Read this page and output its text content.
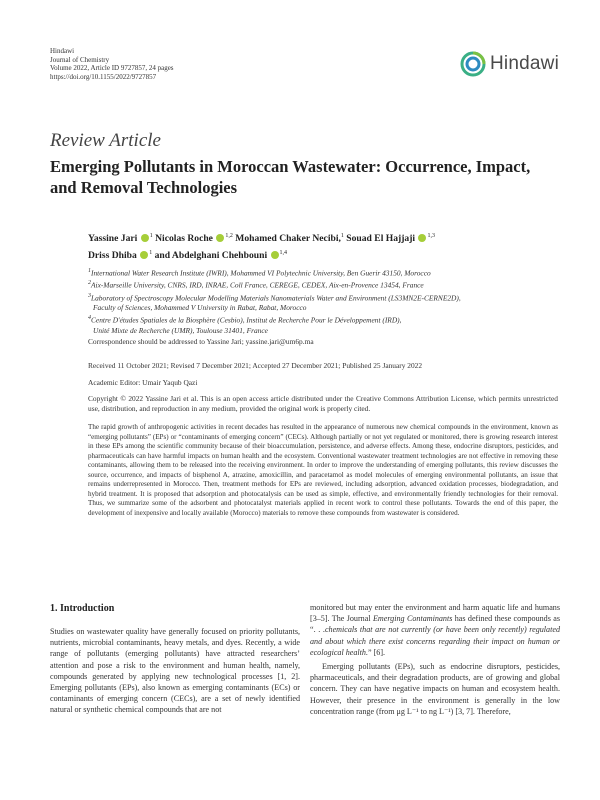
Hindawi
Journal of Chemistry
Volume 2022, Article ID 9727857, 24 pages
https://doi.org/10.1155/2022/9727857
Hindawi
Review Article
Emerging Pollutants in Moroccan Wastewater: Occurrence, Impact, and Removal Technologies
Yassine Jari $^1$ Nicolas Roche $^{1,2}$ Mohamed Chaker Necibi,$^1$ Souad El Hajjaji $^{1,3}$
Driss Dhiba $^1$ and Abdelghani Chehbouni $^{1,4}$

$^1$International Water Research Institute (IWRI), Mohammed VI Polytechnic University, Ben Guerir 43150, Morocco

$^2$Aix-Marseille University, CNRS, IRD, INRAE, Coll France, CEREGE, CEDEX, Aix-en-Provence 13454, France

$^3$Laboratory of Spectroscopy Molecular Modelling Materials Nanomaterials Water and Environment (LS3MN2E-CERNE2D),

Faculty of Sciences, Mohammed V University in Rabat, Rabat, Morocco

$^4$Centre D'études Spatiales de la Biosphère (Cesbio), Institut de Recherche Pour le Développement (IRD),

Unité Mixte de Recherche (UMR), Toulouse 31401, France

Correspondence should be addressed to Yassine Jari; yassine.jari@um6p.ma
Received 11 October 2021; Revised 7 December 2021; Accepted 27 December 2021; Published 25 January 2022
Academic Editor: Umair Yaqub Qazi
Copyright © 2022 Yassine Jari et al. This is an open access article distributed under the Creative Commons Attribution License, which permits unrestricted use, distribution, and reproduction in any medium, provided the original work is properly cited.
The rapid growth of anthropogenic activities in recent decades has resulted in the appearance of numerous new chemical compounds in the environment, known as “emerging pollutants” (EPs) or “contaminants of emerging concern” (CECs). Although partially or not yet regulated or monitored, there is growing research interest in these EPs among the scientific community because of their bioaccumulation, persistence, and adverse effects. Among these, endocrine disruptors, pesticides, and pharmaceuticals can have harmful impacts on human health and the ecosystem. Conventional wastewater treatment technologies are not effective in removing these contaminants, allowing them to be released into the receiving environment. In order to improve the understanding of emerging pollutants, this review discusses the source, occurrence, and impacts of bisphenol A, atrazine, amoxicillin, and paracetamol as model molecules of emerging environmental pollutants, an issue that remains underrepresented in Morocco. Then, treatment methods for EPs are reviewed, including adsorption, advanced oxidation processes, biodegradation, and hybrid treatment. It is proposed that adsorption and photocatalysis can be used as simple, effective, and environmentally friendly technologies for their removal. Thus, we summarize some of the adsorbent and photocatalyst materials applied in recent work to control these pollutants. Towards the end of this paper, the development of inexpensive and locally available (Morocco) materials to remove these compounds from wastewater is considered.
1. Introduction

Studies on wastewater quality have generally focused on priority pollutants, nutrients, microbial contaminants, heavy metals, and dyes. Recently, a wide range of pollutants (emerging pollutants) have attracted researchers’ attention and pose a risk to the environment and human health, namely, compounds generated by applying new technological processes [1, 2]. Emerging pollutants (EPs), also known as emerging contaminants (ECs) or contaminants of emerging concern (CECs), are a set of newly identified natural or synthetic chemical compounds that are not

monitored but may enter the environment and harm aquatic life and humans [3–5]. The Journal Emerging Contaminants has defined these compounds as “. . .chemicals that are not currently (or have been only recently) regulated and about which there exist concerns regarding their impact on human or ecological health.” [6].

Emerging pollutants (EPs), such as endocrine disruptors, pesticides, pharmaceuticals, and their degradation products, are of growing and global concern. They can have negative impacts on human and ecosystem health. However, their presence in the environment is generally in the low concentration range (from μg L⁻¹ to ng L⁻¹) [3, 7]. Therefore,
